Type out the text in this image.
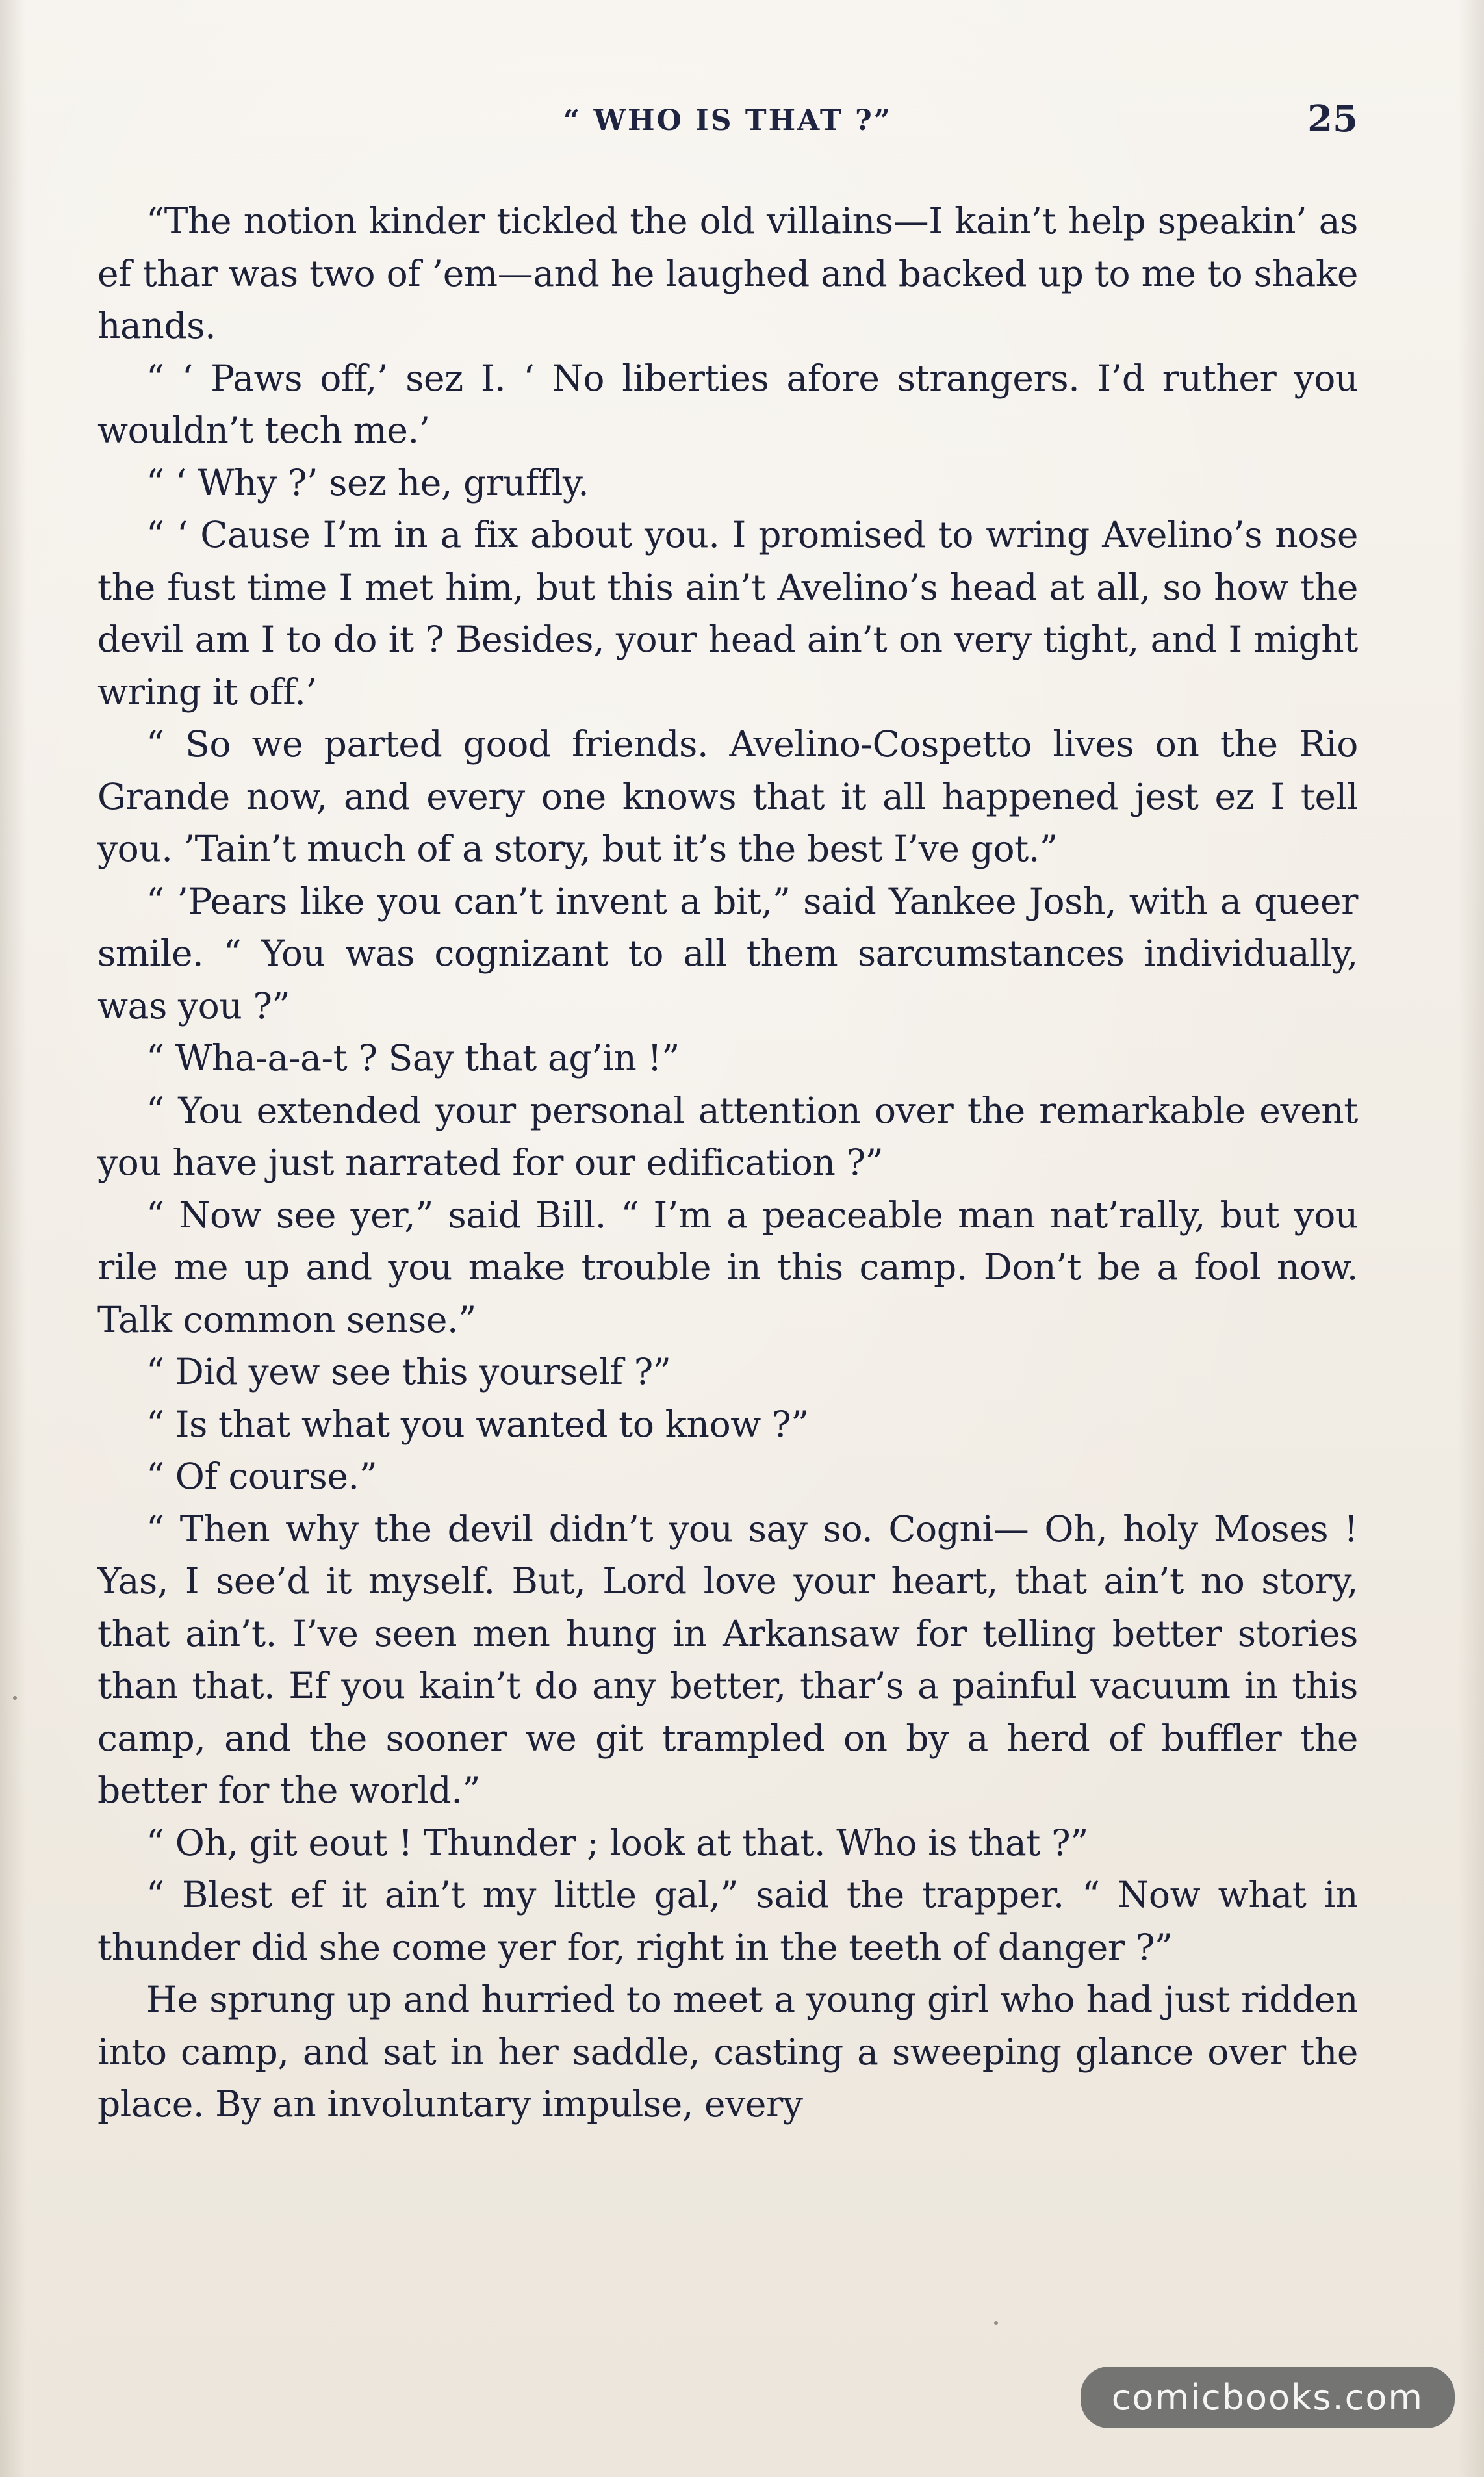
“ WHO IS THAT ?”	25

“The notion kinder tickled the old villains—I kain’t help speakin’ as ef thar was two of ’em—and he laughed and backed up to me to shake hands.

“ ‘ Paws off,’ sez I. ‘ No liberties afore strangers. I’d ruther you wouldn’t tech me.’

“ ‘ Why ?’ sez he, gruffly.

“ ‘ Cause I’m in a fix about you. I promised to wring Avelino’s nose the fust time I met him, but this ain’t Avelino’s head at all, so how the devil am I to do it ? Besides, your head ain’t on very tight, and I might wring it off.’

“ So we parted good friends. Avelino-Cospetto lives on the Rio Grande now, and every one knows that it all happened jest ez I tell you. ’Tain’t much of a story, but it’s the best I’ve got.”

“ ’Pears like you can’t invent a bit,” said Yankee Josh, with a queer smile. “ You was cognizant to all them sarcumstances individually, was you ?”

“ Wha-a-a-t ? Say that ag’in !”

“ You extended your personal attention over the remarkable event you have just narrated for our edification ?”

“ Now see yer,” said Bill. “ I’m a peaceable man nat’rally, but you rile me up and you make trouble in this camp. Don’t be a fool now. Talk common sense.”

“ Did yew see this yourself ?”

“ Is that what you wanted to know ?”

“ Of course.”

“ Then why the devil didn’t you say so. Cogni— Oh, holy Moses ! Yas, I see’d it myself. But, Lord love your heart, that ain’t no story, that ain’t. I’ve seen men hung in Arkansaw for telling better stories than that. Ef you kain’t do any better, thar’s a painful vacuum in this camp, and the sooner we git trampled on by a herd of buffler the better for the world.”

“ Oh, git eout ! Thunder ; look at that. Who is that ?”

“ Blest ef it ain’t my little gal,” said the trapper. “ Now what in thunder did she come yer for, right in the teeth of danger ?”

He sprung up and hurried to meet a young girl who had just ridden into camp, and sat in her saddle, casting a sweeping glance over the place. By an involuntary impulse, every

comicbooks.com
